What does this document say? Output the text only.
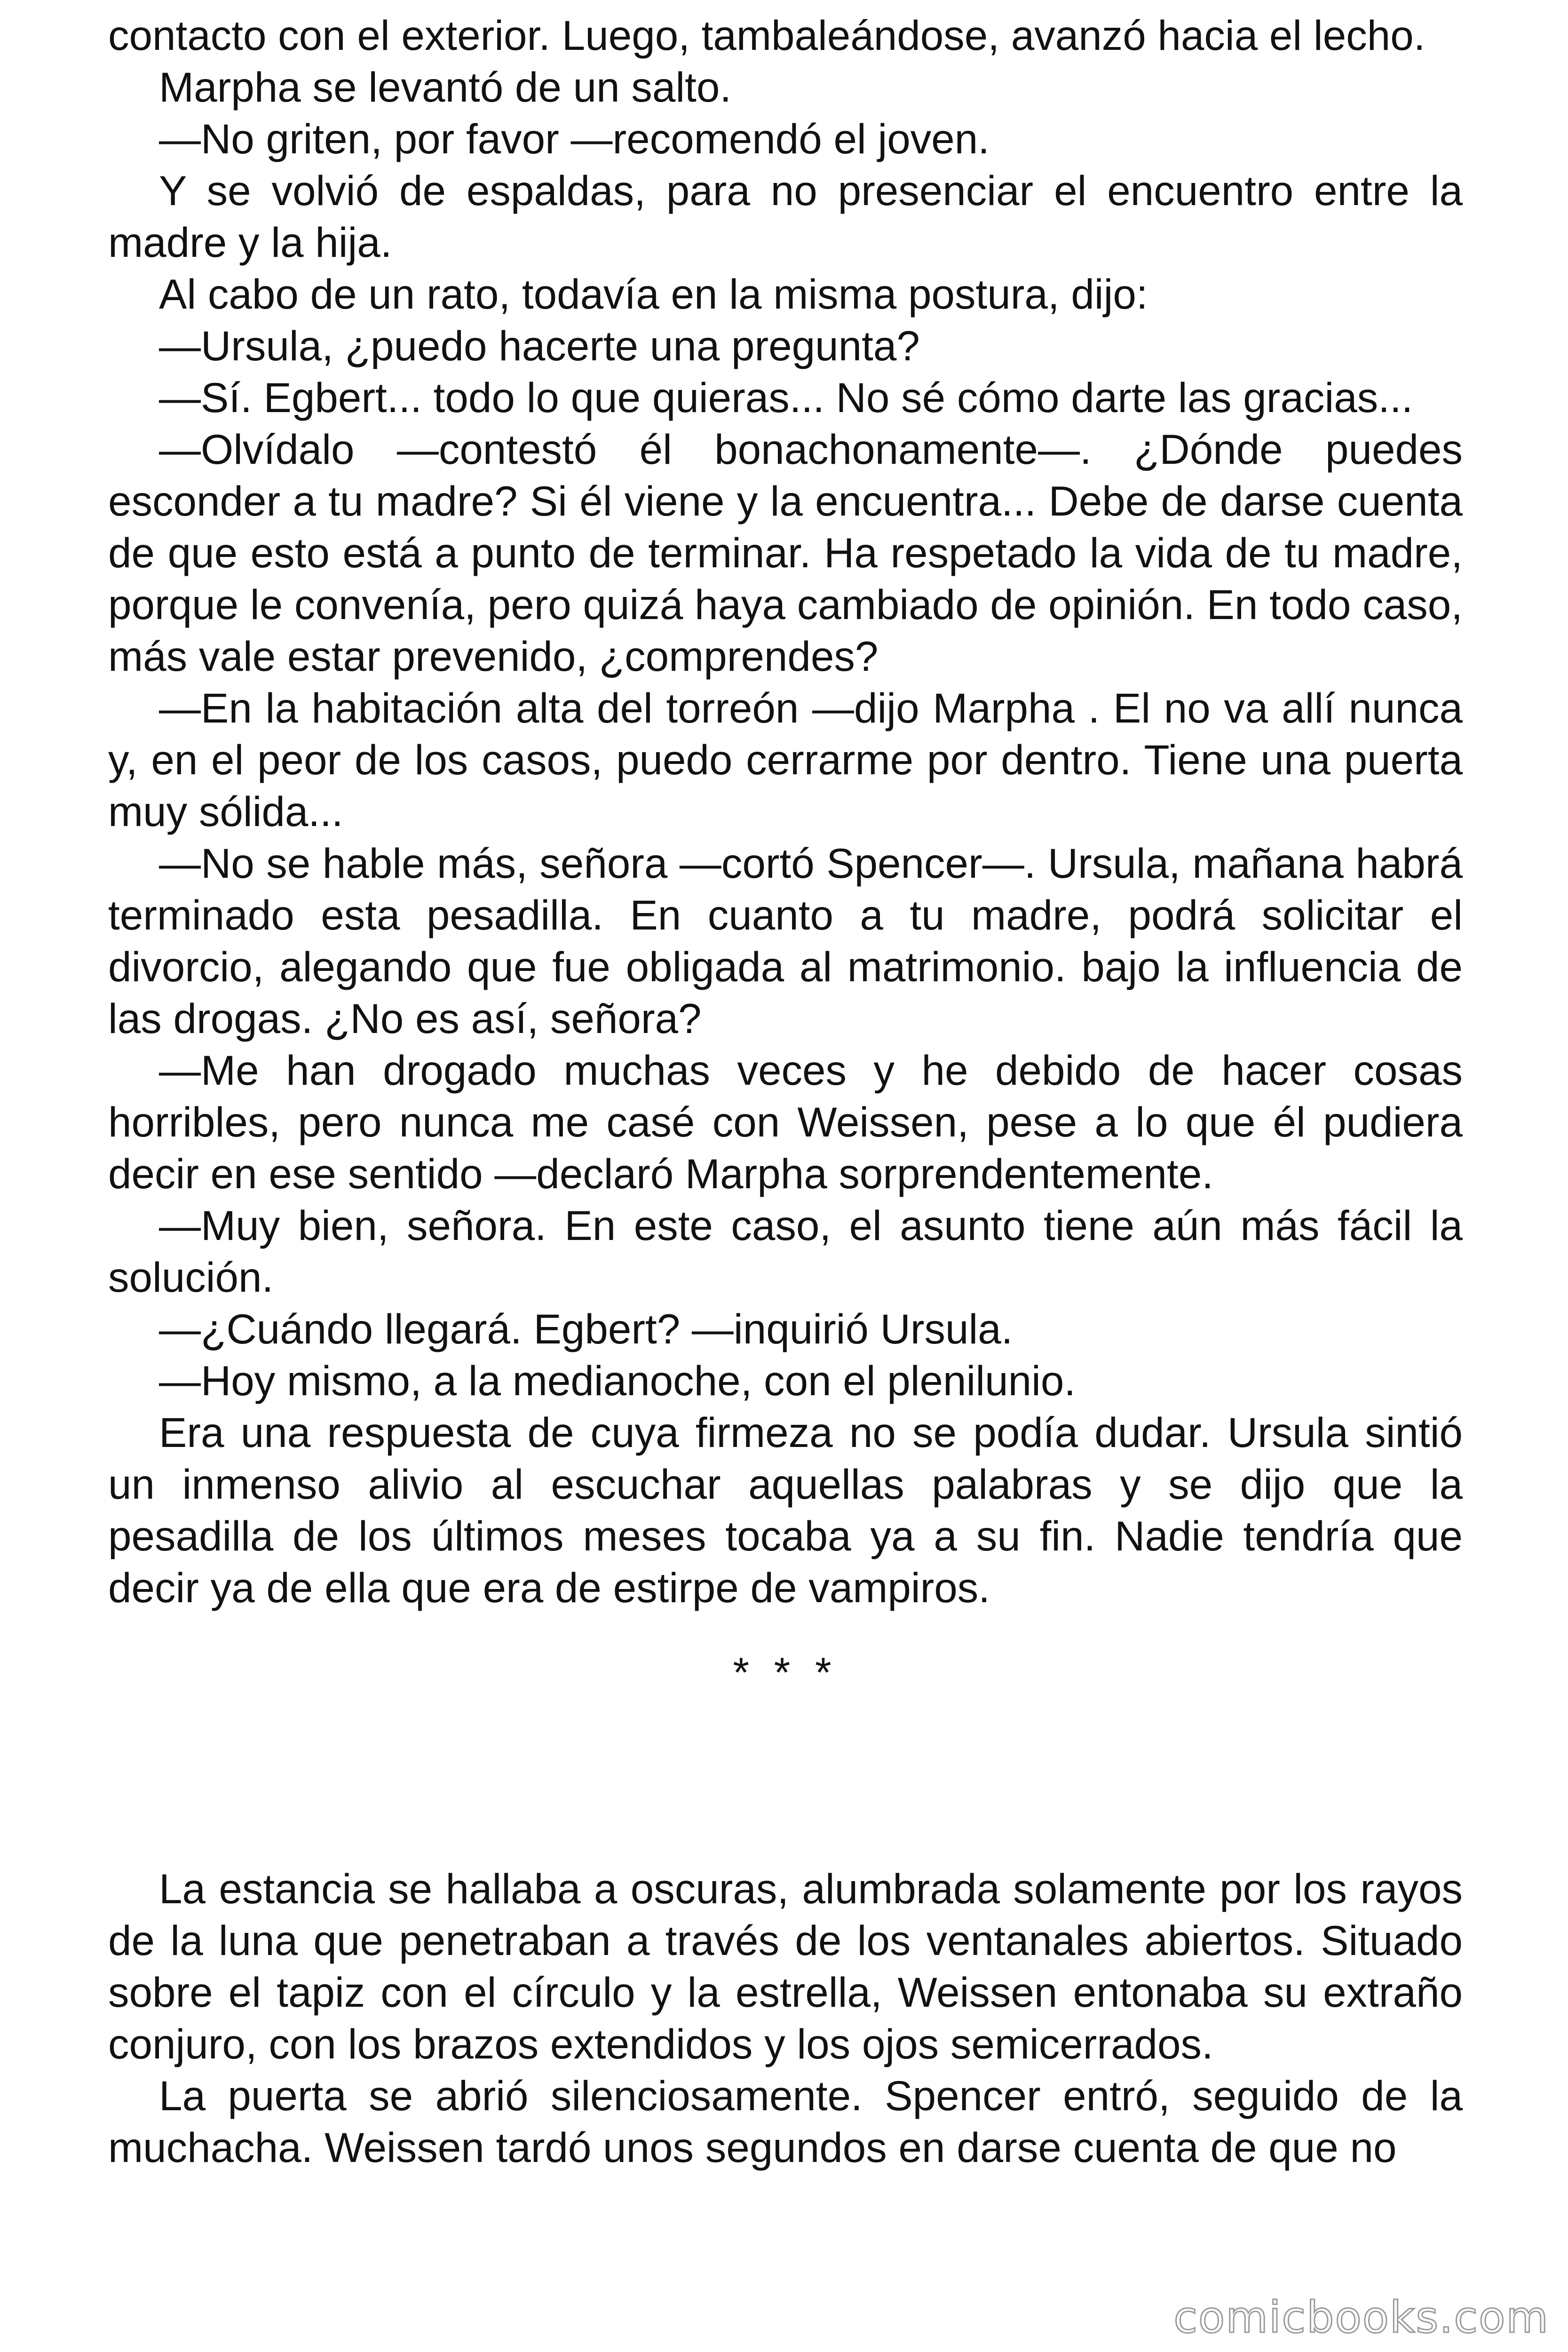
contacto con el exterior. Luego, tambaleándose, avanzó hacia el lecho.

Marpha se levantó de un salto.

—No griten, por favor —recomendó el joven.

Y se volvió de espaldas, para no presenciar el encuentro entre la madre y la hija.

Al cabo de un rato, todavía en la misma postura, dijo:

—Ursula, ¿puedo hacerte una pregunta?

—Sí. Egbert... todo lo que quieras... No sé cómo darte las gracias...

—Olvídalo —contestó él bonachonamente—. ¿Dónde puedes esconder a tu madre? Si él viene y la encuentra... Debe de darse cuenta de que esto está a punto de terminar. Ha respetado la vida de tu madre, porque le convenía, pero quizá haya cambiado de opinión. En todo caso, más vale estar prevenido, ¿comprendes?

—En la habitación alta del torreón —dijo Marpha . El no va allí nunca y, en el peor de los casos, puedo cerrarme por dentro. Tiene una puerta muy sólida...

—No se hable más, señora —cortó Spencer—. Ursula, mañana habrá terminado esta pesadilla. En cuanto a tu madre, podrá solicitar el divorcio, alegando que fue obligada al matrimonio. bajo la influencia de las drogas. ¿No es así, señora?

—Me han drogado muchas veces y he debido de hacer cosas horribles, pero nunca me casé con Weissen, pese a lo que él pudiera decir en ese sentido —declaró Marpha sorprendentemente.

—Muy bien, señora. En este caso, el asunto tiene aún más fácil la solución.

—¿Cuándo llegará. Egbert? —inquirió Ursula.

—Hoy mismo, a la medianoche, con el plenilunio.

Era una respuesta de cuya firmeza no se podía dudar. Ursula sintió un inmenso alivio al escuchar aquellas palabras y se dijo que la pesadilla de los últimos meses tocaba ya a su fin. Nadie tendría que decir ya de ella que era de estirpe de vampiros.

* * *

La estancia se hallaba a oscuras, alumbrada solamente por los rayos de la luna que penetraban a través de los ventanales abiertos. Situado sobre el tapiz con el círculo y la estrella, Weissen entonaba su extraño conjuro, con los brazos extendidos y los ojos semicerrados.

La puerta se abrió silenciosamente. Spencer entró, seguido de la muchacha. Weissen tardó unos segundos en darse cuenta de que no

comicbooks.com
